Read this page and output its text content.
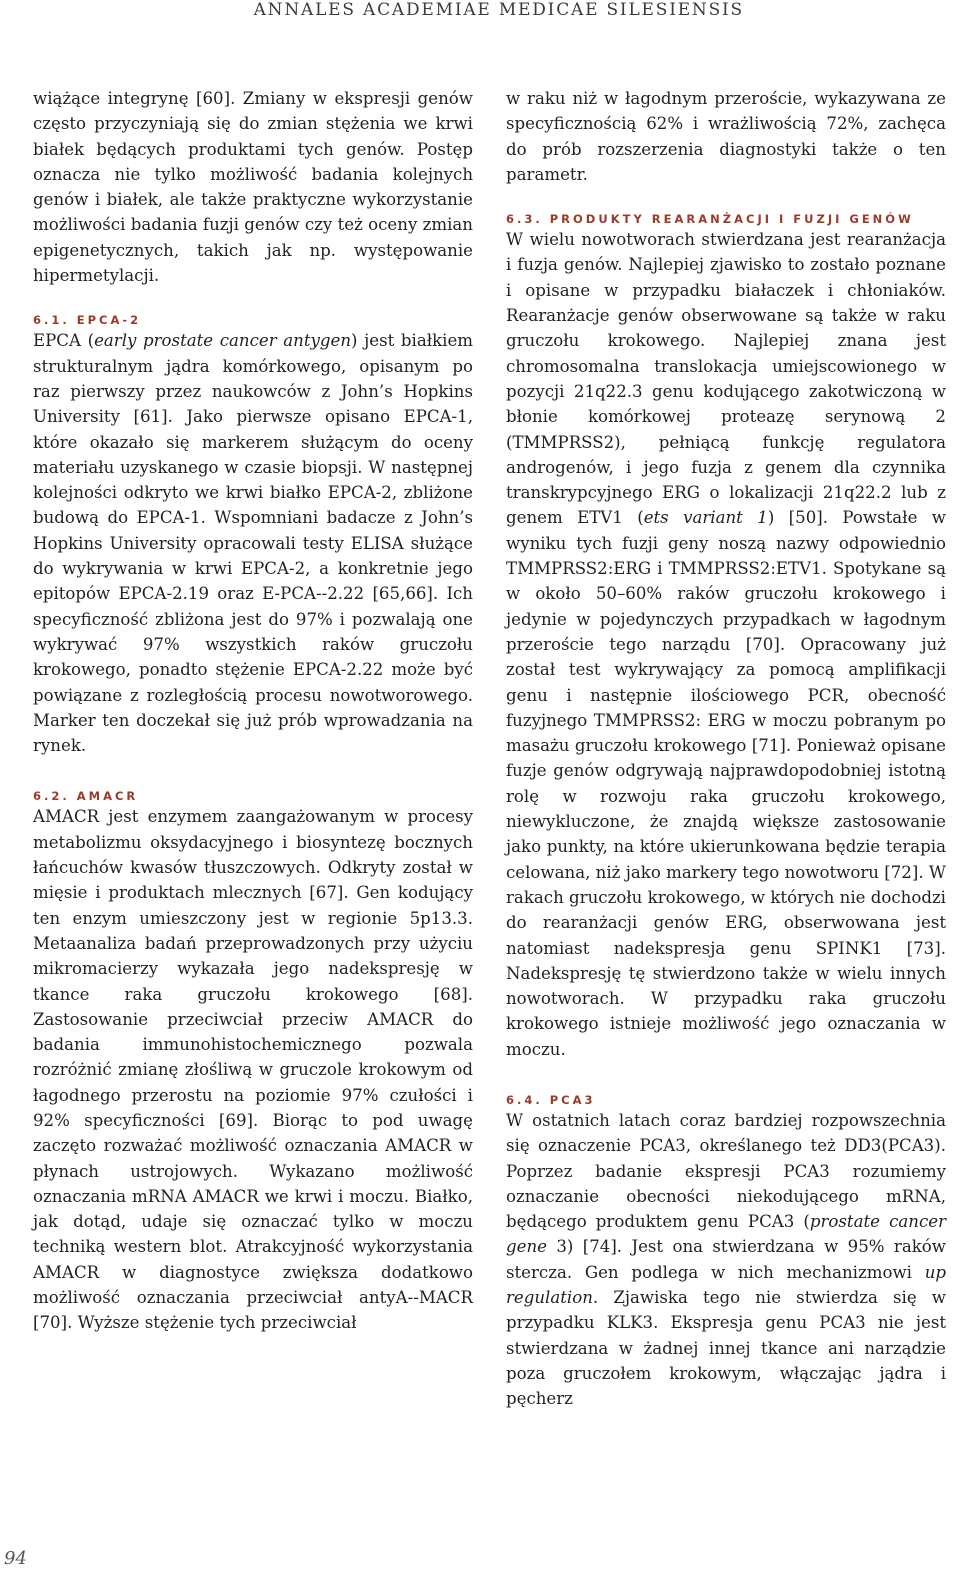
ANNALES ACADEMIAE MEDICAE SILESIENSIS

wiążące integrynę [60]. Zmiany w ekspresji genów często przyczyniają się do zmian stężenia we krwi białek będących produktami tych genów. Postęp oznacza nie tylko możliwość badania kolejnych genów i białek, ale także praktyczne wykorzystanie możliwości badania fuzji genów czy też oceny zmian epigenetycznych, takich jak np. występowanie hipermetylacji.

6.1. EPCA-2

EPCA (early prostate cancer antygen) jest białkiem strukturalnym jądra komórkowego, opisanym po raz pierwszy przez naukowców z John’s Hopkins University [61]. Jako pierwsze opisano EPCA-1, które okazało się markerem służącym do oceny materiału uzyskanego w czasie biopsji. W następnej kolejności odkryto we krwi białko EPCA-2, zbliżone budową do EPCA-1. Wspomniani badacze z John’s Hopkins University opracowali testy ELISA służące do wykrywania w krwi EPCA-2, a konkretnie jego epitopów EPCA-2.19 oraz E-PCA--2.22 [65,66]. Ich specyficzność zbliżona jest do 97% i pozwalają one wykrywać 97% wszystkich raków gruczołu krokowego, ponadto stężenie EPCA-2.22 może być powiązane z rozległością procesu nowotworowego. Marker ten doczekał się już prób wprowadzania na rynek.

6.2. AMACR

AMACR jest enzymem zaangażowanym w procesy metabolizmu oksydacyjnego i biosyntezę bocznych łańcuchów kwasów tłuszczowych. Odkryty został w mięsie i produktach mlecznych [67]. Gen kodujący ten enzym umieszczony jest w regionie 5p13.3. Metaanaliza badań przeprowadzonych przy użyciu mikromacierzy wykazała jego nadekspresję w tkance raka gruczołu krokowego [68]. Zastosowanie przeciwciał przeciw AMACR do badania immunohistochemicznego pozwala rozróżnić zmianę złośliwą w gruczole krokowym od łagodnego przerostu na poziomie 97% czułości i 92% specyficzności [69]. Biorąc to pod uwagę zaczęto rozważać możliwość oznaczania AMACR w płynach ustrojowych. Wykazano możliwość oznaczania mRNA AMACR we krwi i moczu. Białko, jak dotąd, udaje się oznaczać tylko w moczu techniką western blot. Atrakcyjność wykorzystania AMACR w diagnostyce zwiększa dodatkowo możliwość oznaczania przeciwciał antyA--MACR [70]. Wyższe stężenie tych przeciwciał

w raku niż w łagodnym przeroście, wykazywana ze specyficznością 62% i wrażliwością 72%, zachęca do prób rozszerzenia diagnostyki także o ten parametr.

6.3. PRODUKTY REARANŻACJI I FUZJI GENÓW

W wielu nowotworach stwierdzana jest rearanżacja i fuzja genów. Najlepiej zjawisko to zostało poznane i opisane w przypadku białaczek i chłoniaków. Rearanżacje genów obserwowane są także w raku gruczołu krokowego. Najlepiej znana jest chromosomalna translokacja umiejscowionego w pozycji 21q22.3 genu kodującego zakotwiczoną w błonie komórkowej proteazę serynową 2 (TMMPRSS2), pełniącą funkcję regulatora androgenów, i jego fuzja z genem dla czynnika transkrypcyjnego ERG o lokalizacji 21q22.2 lub z genem ETV1 (ets variant 1) [50]. Powstałe w wyniku tych fuzji geny noszą nazwy odpowiednio TMMPRSS2:ERG i TMMPRSS2:ETV1. Spotykane są w około 50–60% raków gruczołu krokowego i jedynie w pojedynczych przypadkach w łagodnym przeroście tego narządu [70]. Opracowany już został test wykrywający za pomocą amplifikacji genu i następnie ilościowego PCR, obecność fuzyjnego TMMPRSS2: ERG w moczu pobranym po masażu gruczołu krokowego [71]. Ponieważ opisane fuzje genów odgrywają najprawdopodobniej istotną rolę w rozwoju raka gruczołu krokowego, niewykluczone, że znajdą większe zastosowanie jako punkty, na które ukierunkowana będzie terapia celowana, niż jako markery tego nowotworu [72]. W rakach gruczołu krokowego, w których nie dochodzi do rearanżacji genów ERG, obserwowana jest natomiast nadekspresja genu SPINK1 [73]. Nadekspresję tę stwierdzono także w wielu innych nowotworach. W przypadku raka gruczołu krokowego istnieje możliwość jego oznaczania w moczu.

6.4. PCA3

W ostatnich latach coraz bardziej rozpowszechnia się oznaczenie PCA3, określanego też DD3(PCA3). Poprzez badanie ekspresji PCA3 rozumiemy oznaczanie obecności niekodującego mRNA, będącego produktem genu PCA3 (prostate cancer gene 3) [74]. Jest ona stwierdzana w 95% raków stercza. Gen podlega w nich mechanizmowi up regulation. Zjawiska tego nie stwierdza się w przypadku KLK3. Ekspresja genu PCA3 nie jest stwierdzana w żadnej innej tkance ani narządzie poza gruczołem krokowym, włączając jądra i pęcherz

94
